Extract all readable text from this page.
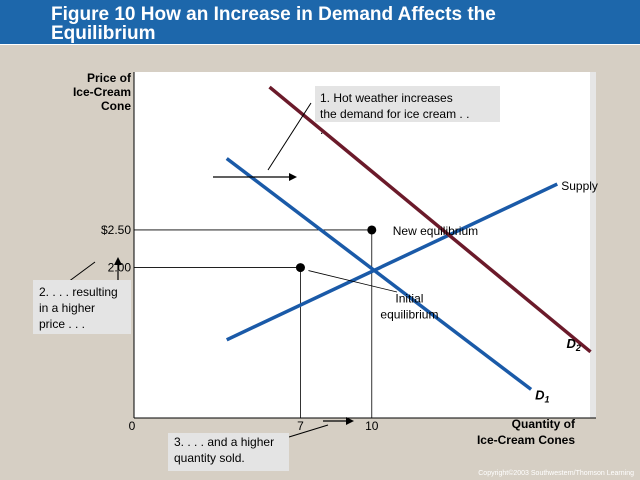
Figure 10 How an Increase in Demand Affects the
Equilibrium
Price of Ice-Cream Cone
Quantity of Ice-Cream Cones
0	7	10
$2.50
2.00
Supply
$D_1$
$D_2$
New equilibrium
Initial equilibrium
1. Hot weather increases the demand for ice cream . . .
2. . . . resulting in a higher price . . .
3. . . . and a higher quantity sold.
Copyright©2003 Southwestern/Thomson Learning
